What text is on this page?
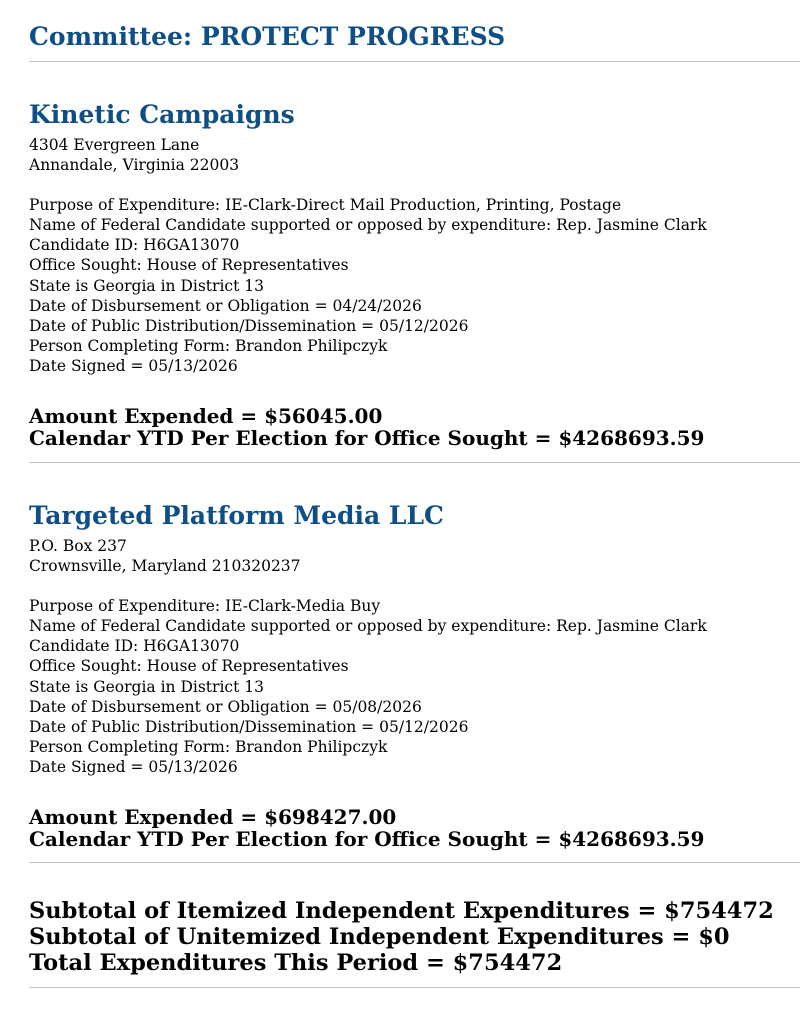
Committee: PROTECT PROGRESS
Kinetic Campaigns
4304 Evergreen Lane
Annandale, Virginia 22003
Purpose of Expenditure: IE-Clark-Direct Mail Production, Printing, Postage
Name of Federal Candidate supported or opposed by expenditure: Rep. Jasmine Clark
Candidate ID: H6GA13070
Office Sought: House of Representatives
State is Georgia in District 13
Date of Disbursement or Obligation = 04/24/2026
Date of Public Distribution/Dissemination = 05/12/2026
Person Completing Form: Brandon Philipczyk
Date Signed = 05/13/2026
Amount Expended = $56045.00
Calendar YTD Per Election for Office Sought = $4268693.59
Targeted Platform Media LLC
P.O. Box 237
Crownsville, Maryland 210320237
Purpose of Expenditure: IE-Clark-Media Buy
Name of Federal Candidate supported or opposed by expenditure: Rep. Jasmine Clark
Candidate ID: H6GA13070
Office Sought: House of Representatives
State is Georgia in District 13
Date of Disbursement or Obligation = 05/08/2026
Date of Public Distribution/Dissemination = 05/12/2026
Person Completing Form: Brandon Philipczyk
Date Signed = 05/13/2026
Amount Expended = $698427.00
Calendar YTD Per Election for Office Sought = $4268693.59
Subtotal of Itemized Independent Expenditures = $754472
Subtotal of Unitemized Independent Expenditures = $0
Total Expenditures This Period = $754472
